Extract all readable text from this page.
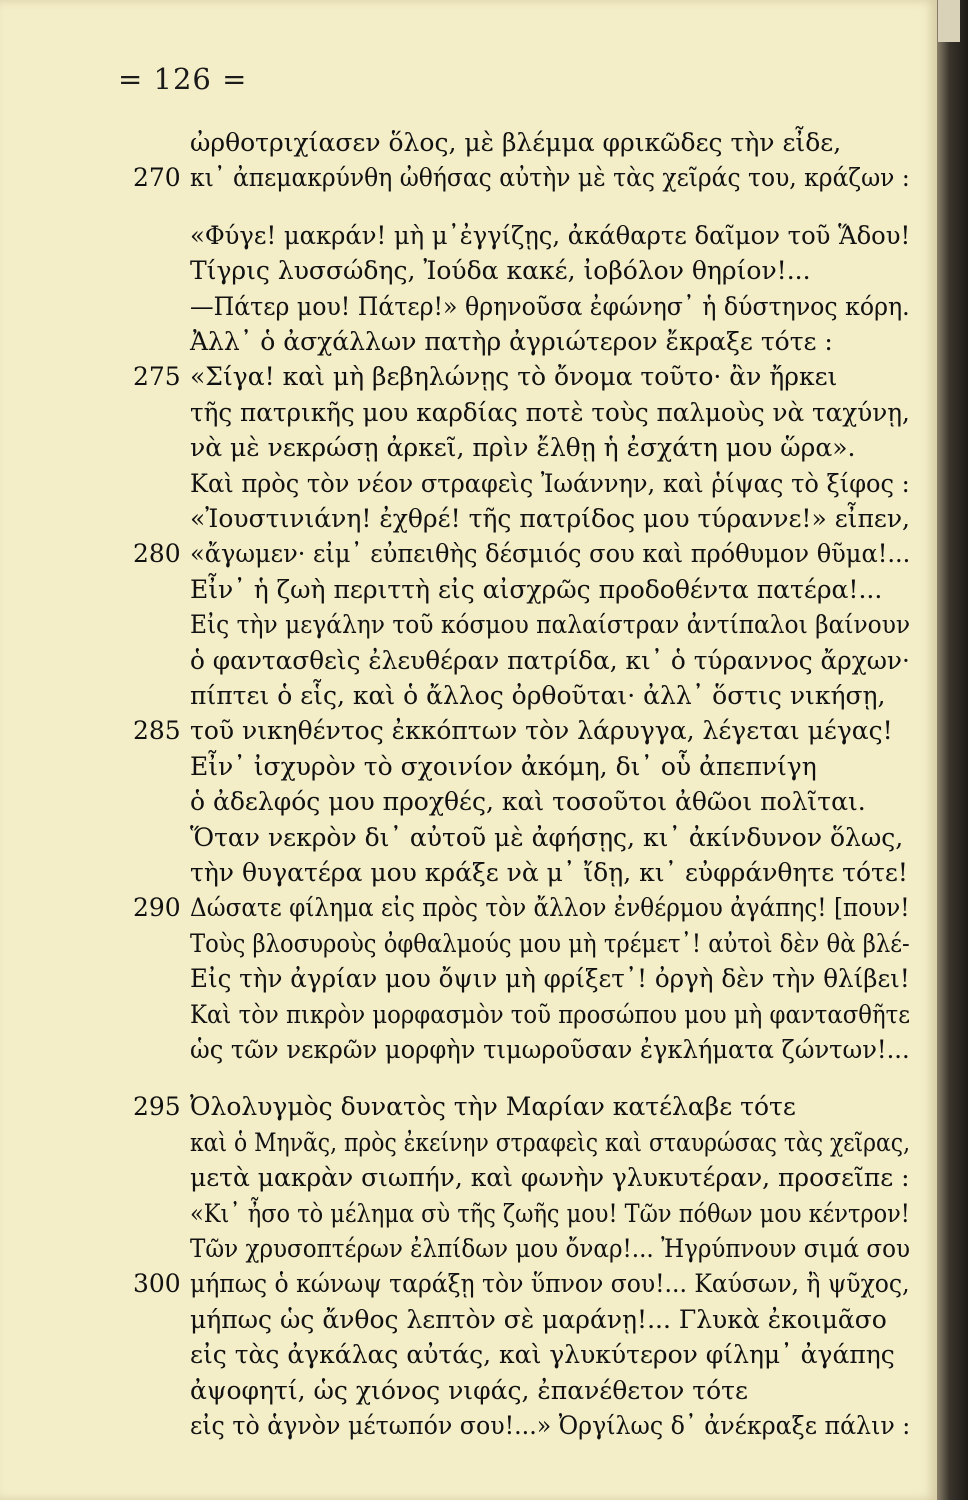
= 126 =
ὠρθοτριχίασεν ὅλος, μὲ βλέμμα φρικῶδες τὴν εἶδε,
κι᾿ ἀπεμακρύνθη ὠθήσας αὐτὴν μὲ τὰς χεῖράς του, κράζων :
270
«Φύγε! μακράν! μὴ μ᾿ἐγγίζῃς, ἀκάθαρτε δαῖμον τοῦ Ἅδου!
Τίγρις λυσσώδης, Ἰούδα κακέ, ἰοβόλον θηρίον!...
—Πάτερ μου! Πάτερ!» θρηνοῦσα ἐφώνησ᾿ ἡ δύστηνος κόρη.
Ἀλλ᾿ ὁ ἀσχάλλων πατὴρ ἀγριώτερον ἔκραξε τότε :
«Σίγα! καὶ μὴ βεβηλώνῃς τὸ ὄνομα τοῦτο· ἂν ἤρκει
275
τῆς πατρικῆς μου καρδίας ποτὲ τοὺς παλμοὺς νὰ ταχύνῃ,
νὰ μὲ νεκρώσῃ ἀρκεῖ, πρὶν ἔλθῃ ἡ ἐσχάτη μου ὥρα».
Καὶ πρὸς τὸν νέον στραφεὶς Ἰωάννην, καὶ ῥίψας τὸ ξίφος :
«Ἰουστινιάνη! ἐχθρέ! τῆς πατρίδος μου τύραννε!» εἶπεν,
«ἄγωμεν· εἰμ᾿ εὐπειθὴς δέσμιός σου καὶ πρόθυμον θῦμα!...
280
Εἶν᾿ ἡ ζωὴ περιττὴ εἰς αἰσχρῶς προδοθέντα πατέρα!...
Εἰς τὴν μεγάλην τοῦ κόσμου παλαίστραν ἀντίπαλοι βαίνουν
ὁ φαντασθεὶς ἐλευθέραν πατρίδα, κι᾿ ὁ τύραννος ἄρχων·
πίπτει ὁ εἷς, καὶ ὁ ἄλλος ὀρθοῦται· ἀλλ᾿ ὅστις νικήσῃ,
τοῦ νικηθέντος ἐκκόπτων τὸν λάρυγγα, λέγεται μέγας!
285
Εἶν᾿ ἰσχυρὸν τὸ σχοινίον ἀκόμη, δι᾿ οὗ ἀπεπνίγη
ὁ ἀδελφός μου προχθές, καὶ τοσοῦτοι ἀθῶοι πολῖται.
Ὅταν νεκρὸν δι᾿ αὐτοῦ μὲ ἀφήσῃς, κι᾿ ἀκίνδυνον ὅλως,
τὴν θυγατέρα μου κράξε νὰ μ᾿ ἴδῃ, κι᾿ εὐφράνθητε τότε!
Δώσατε φίλημα εἰς πρὸς τὸν ἄλλον ἐνθέρμου ἀγάπης! [πουν!
290
Τοὺς βλοσυροὺς ὀφθαλμούς μου μὴ τρέμετ᾿! αὐτοὶ δὲν θὰ βλέ-
Εἰς τὴν ἀγρίαν μου ὄψιν μὴ φρίξετ᾿! ὀργὴ δὲν τὴν θλίβει!
Καὶ τὸν πικρὸν μορφασμὸν τοῦ προσώπου μου μὴ φαντασθῆτε
ὡς τῶν νεκρῶν μορφὴν τιμωροῦσαν ἐγκλήματα ζώντων!...
Ὀλολυγμὸς δυνατὸς τὴν Μαρίαν κατέλαβε τότε
295
καὶ ὁ Μηνᾶς, πρὸς ἐκείνην στραφεὶς καὶ σταυρώσας τὰς χεῖρας,
μετὰ μακρὰν σιωπήν, καὶ φωνὴν γλυκυτέραν, προσεῖπε :
«Κι᾿ ἦσο τὸ μέλημα σὺ τῆς ζωῆς μου! Τῶν πόθων μου κέντρον!
Τῶν χρυσοπτέρων ἐλπίδων μου ὄναρ!... Ἠγρύπνουν σιμά σου
μήπως ὁ κώνωψ ταράξῃ τὸν ὕπνον σου!... Καύσων, ἢ ψῦχος,
300
μήπως ὡς ἄνθος λεπτὸν σὲ μαράνῃ!... Γλυκὰ ἐκοιμᾶσο
εἰς τὰς ἀγκάλας αὐτάς, καὶ γλυκύτερον φίλημ᾿ ἀγάπης
ἀψοφητί, ὡς χιόνος νιφάς, ἐπανέθετον τότε
εἰς τὸ ἁγνὸν μέτωπόν σου!...» Ὀργίλως δ᾿ ἀνέκραξε πάλιν :
